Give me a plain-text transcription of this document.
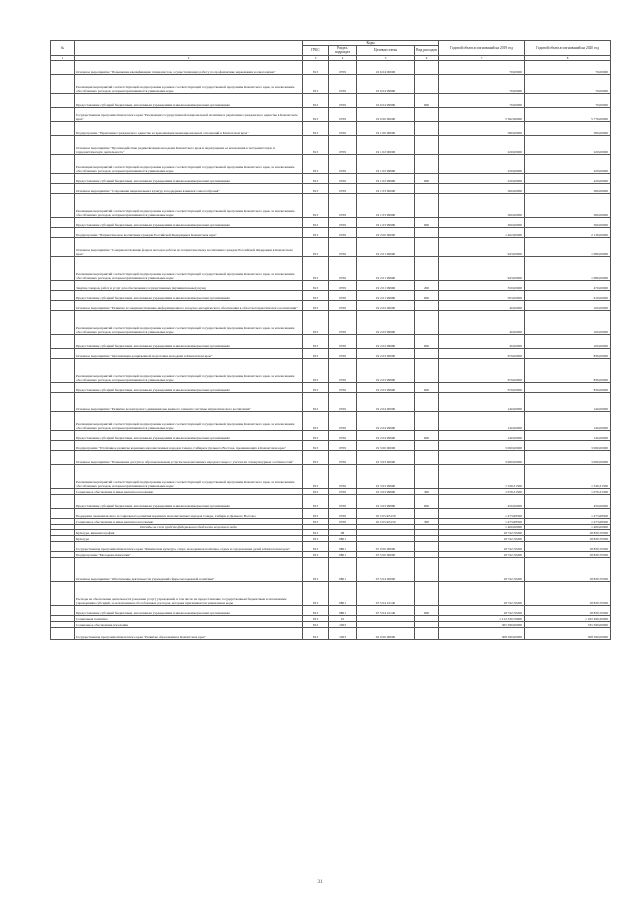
№		Коды				Годовой объем ассигнований на 2019 год	Годовой объем ассигнований на 2020 год
		ГРБС	Раздел, подраздел	Целевая статья	Вид расходов		
1	2	3	4	5	6	7	8
	Основное мероприятие "Повышение квалификации специалистов, осуществляющих работу по профилактике наркомании и алкоголизма"	813	0709	16 6 04 00000		70,00000	70,00000
	Реализация мероприятий соответствующей подпрограммы в рамках соответствующей государственной программы Камчатского края, за исключением обособленных расходов, которым присваиваются уникальные коды	813	0709	16 6 04 99990		70,00000	70,00000
	Предоставление субсидий бюджетным, автономным учреждениям и иным некоммерческим организациям	813	0709	16 6 04 99990	600	70,00000	70,00000
	Государственная программа Камчатского края "Реализация государственной национальной политики и укрепление гражданского единства в Камчатском крае"	813	0709	19 0 00 00000		5 362,90000	5 776,00000
	Подпрограмма "Укрепление гражданского единства и гармонизация межнациональных отношений в Камчатском крае"	813	0709	19 1 00 00000		580,00000	580,00000
	Основное мероприятие "Противодействие радикализации молодежи Камчатского края и недопущение ее вовлечения в экстремистскую и террористическую деятельность"	813	0709	19 1 02 00000		220,00000	220,00000
	Реализация мероприятий соответствующей подпрограммы в рамках соответствующей государственной программы Камчатского края, за исключением обособленных расходов, которым присваиваются уникальные коды	813	0709	19 1 02 99990		220,00000	220,00000
	Предоставление субсидий бюджетным, автономным учреждениям и иным некоммерческим организациям	813	0709	19 1 02 99990	600	220,00000	220,00000
	Основное мероприятие "Сохранение национальных культур и поддержка языкового многообразия"	813	0709	19 1 03 00000		360,00000	360,00000
	Реализация мероприятий соответствующей подпрограммы в рамках соответствующей государственной программы Камчатского края, за исключением обособленных расходов, которым присваиваются уникальные коды	813	0709	19 1 03 99990		360,00000	360,00000
	Предоставление субсидий бюджетным, автономным учреждениям и иным некоммерческим организациям	813	0709	19 1 03 99990	600	360,00000	360,00000
	Подпрограмма "Патриотическое воспитание граждан Российской Федерации в Камчатском крае"	813	0709	19 2 00 00000		1 402,90000	2 136,00000
	Основное мероприятие "Совершенствование форм и методов работы по патриотическому воспитанию граждан Российской Федерации в Камчатском крае"	813	0709	19 2 01 00000		943,00000	1 080,00000
	Реализация мероприятий соответствующей подпрограммы в рамках соответствующей государственной программы Камчатского края, за исключением обособленных расходов, которым присваиваются уникальные коды	813	0709	19 2 01 99990		943,00000	1 080,00000
	Закупка товаров, работ и услуг для обеспечения государственных (муниципальных) нужд	813	0709	19 2 01 99990	200	350,00000	470,00000
	Предоставление субсидий бюджетным, автономным учреждениям и иным некоммерческим организациям	813	0709	19 2 01 99990	600	593,00000	610,00000
	Основное мероприятие "Развитие и совершенствование информационного и научно-методического обеспечения в области патриотического воспитания"	813	0709	19 2 02 00000		40,00000	100,00000
	Реализация мероприятий соответствующей подпрограммы в рамках соответствующей государственной программы Камчатского края, за исключением обособленных расходов, которым присваиваются уникальные коды	813	0709	19 2 02 99990		40,00000	100,00000
	Предоставление субсидий бюджетным, автономным учреждениям и иным некоммерческим организациям	813	0709	19 2 02 99990	600	40,00000	100,00000
	Основное мероприятие "Организация допризывной подготовки молодежи в Камчатском крае"	813	0709	19 2 03 00000		679,00000	836,00000
	Реализация мероприятий соответствующей подпрограммы в рамках соответствующей государственной программы Камчатского края, за исключением обособленных расходов, которым присваиваются уникальные коды	813	0709	19 2 03 99990		679,00000	836,00000
	Предоставление субсидий бюджетным, автономным учреждениям и иным некоммерческим организациям	813	0709	19 2 03 99990	600	679,00000	836,00000
	Основное мероприятие "Развитие волонтерского движения как важного элемента системы патриотического воспитания"	813	0709	19 2 04 00000		140,00000	140,00000
	Реализация мероприятий соответствующей подпрограммы в рамках соответствующей государственной программы Камчатского края, за исключением обособленных расходов, которым присваиваются уникальные коды	813	0709	19 2 04 99990		140,00000	140,00000
	Предоставление субсидий бюджетным, автономным учреждениям и иным некоммерческим организациям	813	0709	19 2 04 99990	600	140,00000	140,00000
	Подпрограмма "Устойчивое развитие коренных малочисленных народов Севера, Сибири и Дальнего Востока, проживающих в Камчатском крае"	813	0709	19 3 00 00000		3 000,00000	3 060,00000
	Основное мероприятие "Повышение доступа к образовательным услугам малочисленных народов Севера с учетом их этнокультурных особенностей"	813	0709	19 3 03 00000		3 000,00000	3 060,00000
	Реализация мероприятий соответствующей подпрограммы в рамках соответствующей государственной программы Камчатского края, за исключением обособленных расходов, которым присваиваются уникальные коды	813	0709	19 3 03 99990		1 526,31500	1 526,31500
	Социальное обеспечение и иные выплаты населению	813	0709	19 3 03 99990	300	1 076,31500	1 076,31500
	Предоставление субсидий бюджетным, автономным учреждениям и иным некоммерческим организациям	813	0709	19 3 03 99990	600	450,00000	450,00000
	Поддержка экономического и социального развития коренных малочисленных народов Севера, Сибири и Дальнего Востока	813	0709	19 3 03 R5150		1 473,68500	1 473,68500
	Социальное обеспечение и иные выплаты населению	813	0709	19 3 03 R5150	300	1 473,68500	1 473,68500
	Расходы за счет средств федерального бюджета нецелевого кода					1 400,00000	1 400,00000
	Культура, кинематография	813	08			18 742,76200	18 830,70500
	Культура	813	0801			18 742,76200	18 830,70500
	Государственная программа Камчатского края "Физическая культура, спорт, молодежная политика, отдых и оздоровление детей в Камчатском крае"	813	0801	07 0 00 00000		18 742,76200	18 830,70500
	Подпрограмма "Молодежь Камчатки"	813	0801	07 5 00 00000		18 742,76200	18 830,70500
	Основное мероприятие "Обеспечение деятельности учреждений сферы молодежной политики"	813	0801	07 5 04 00000		18 742,76200	18 830,70500
	Расходы на обеспечение деятельности (оказание услуг) учреждений, в том числе на предоставление государственным бюджетным и автономным учреждениям субсидий, за исключением обособленных расходов, которым присваиваются уникальные коды	813	0801	07 5 04 10140		18 742,76200	18 830,70500
	Предоставление субсидий бюджетным, автономным учреждениям и иным некоммерческим организациям	813	0801	07 5 04 10140	600	18 742,76200	18 830,70500
	Социальная политика	813	10			1 212 339,76600	1 182 499,20000
	Социальное обеспечение населения	813	1003			365 390,00000	335 590,00000
	Государственная программа Камчатского края "Развитие образования в Камчатском крае"	813	1003	02 0 00 00000		308 390,00000	308 390,00000
31
